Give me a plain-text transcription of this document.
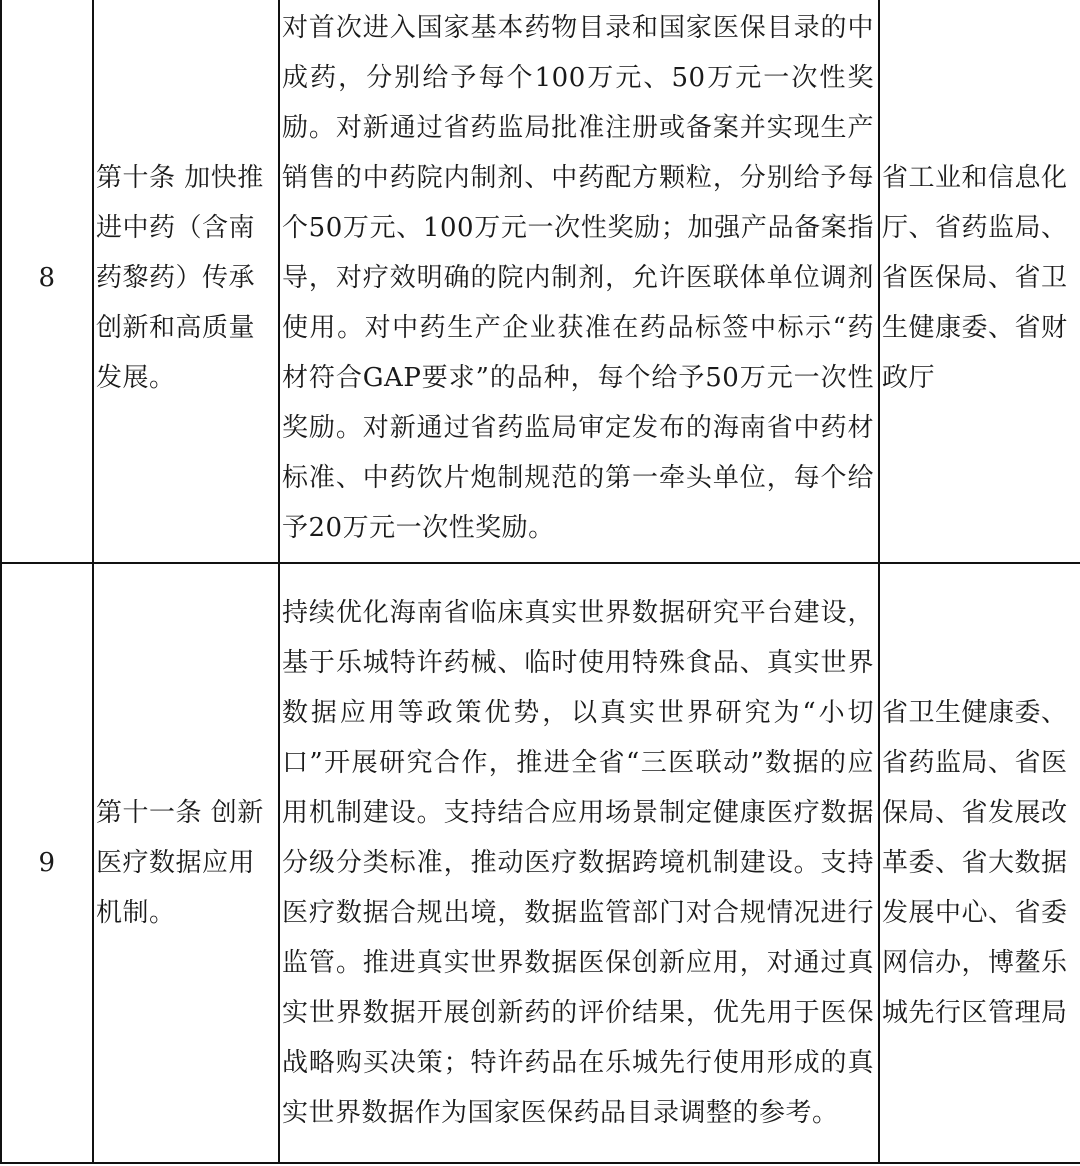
8	第十条 加快推进中药（含南药黎药）传承创新和高质量发展。	对首次进入国家基本药物目录和国家医保目录的中成药，分别给予每个100万元、50万元一次性奖励。对新通过省药监局批准注册或备案并实现生产销售的中药院内制剂、中药配方颗粒，分别给予每个50万元、100万元一次性奖励；加强产品备案指导，对疗效明确的院内制剂，允许医联体单位调剂使用。对中药生产企业获准在药品标签中标示“药材符合GAP要求”的品种，每个给予50万元一次性奖励。对新通过省药监局审定发布的海南省中药材标准、中药饮片炮制规范的第一牵头单位，每个给予20万元一次性奖励。	省工业和信息化厅、省药监局、省医保局、省卫生健康委、省财政厅

9	第十一条 创新医疗数据应用机制。	持续优化海南省临床真实世界数据研究平台建设，基于乐城特许药械、临时使用特殊食品、真实世界数据应用等政策优势，以真实世界研究为“小切口”开展研究合作，推进全省“三医联动”数据的应用机制建设。支持结合应用场景制定健康医疗数据分级分类标准，推动医疗数据跨境机制建设。支持医疗数据合规出境，数据监管部门对合规情况进行监管。推进真实世界数据医保创新应用，对通过真实世界数据开展创新药的评价结果，优先用于医保战略购买决策；特许药品在乐城先行使用形成的真实世界数据作为国家医保药品目录调整的参考。	省卫生健康委、省药监局、省医保局、省发展改革委、省大数据发展中心、省委网信办，博鳌乐城先行区管理局
